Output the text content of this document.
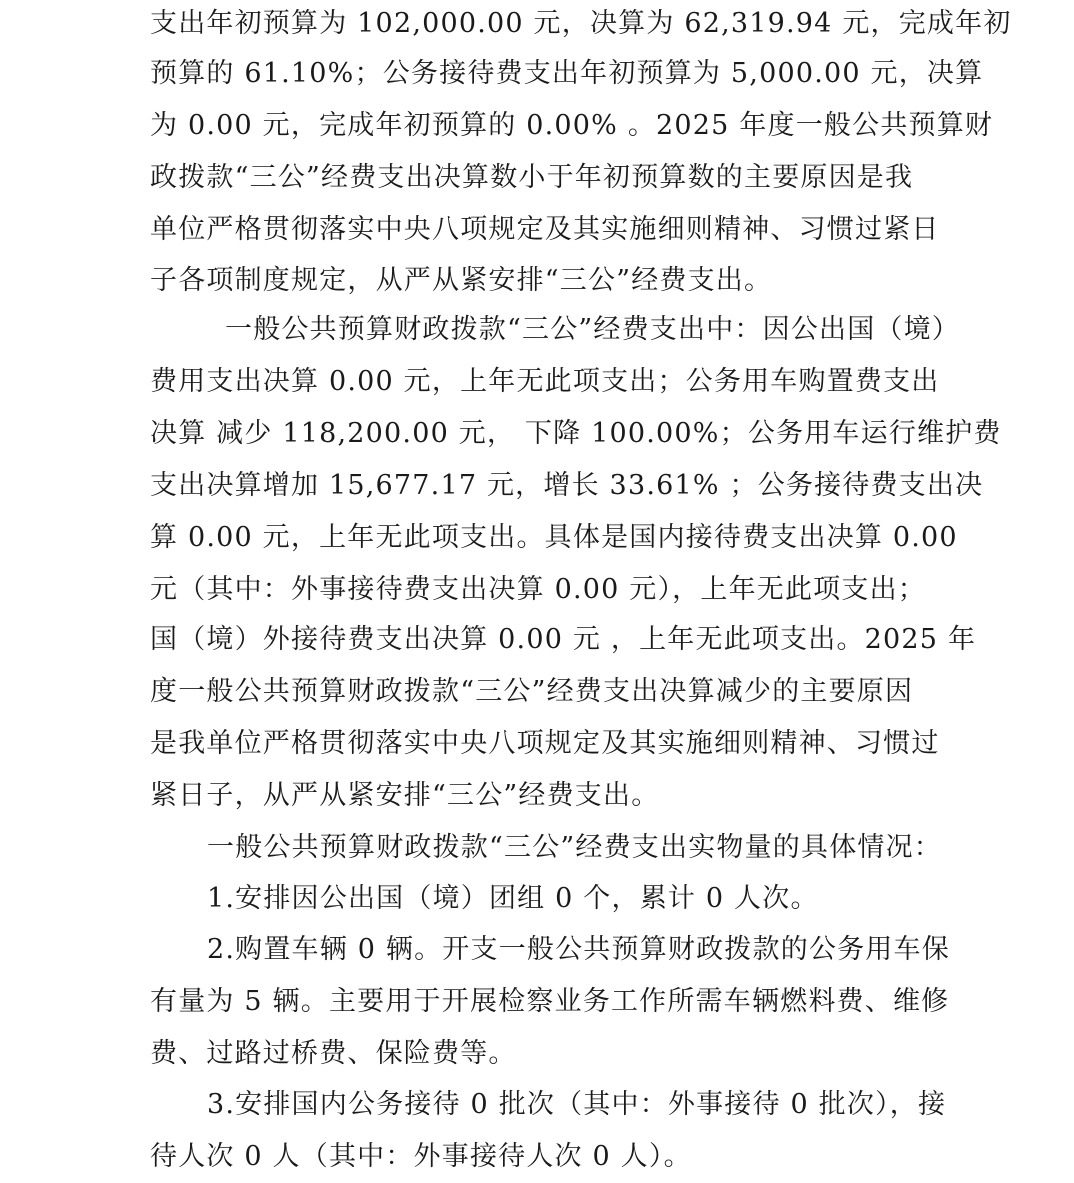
支出年初预算为 102,000.00 元，决算为 62,319.94 元，完成年初
预算的 61.10%；公务接待费支出年初预算为 5,000.00 元，决算
为 0.00 元，完成年初预算的 0.00% 。2025 年度一般公共预算财
政拨款“三公”经费支出决算数小于年初预算数的主要原因是我
单位严格贯彻落实中央八项规定及其实施细则精神、习惯过紧日
子各项制度规定，从严从紧安排“三公”经费支出。
一般公共预算财政拨款“三公”经费支出中：因公出国（境）
费用支出决算 0.00 元，上年无此项支出；公务用车购置费支出
决算 减少 118,200.00 元， 下降 100.00%；公务用车运行维护费
支出决算增加 15,677.17 元，增长 33.61% ；公务接待费支出决
算 0.00 元，上年无此项支出。具体是国内接待费支出决算 0.00
元（其中：外事接待费支出决算 0.00 元），上年无此项支出；
国（境）外接待费支出决算 0.00 元 ，上年无此项支出。2025 年
度一般公共预算财政拨款“三公”经费支出决算减少的主要原因
是我单位严格贯彻落实中央八项规定及其实施细则精神、习惯过
紧日子，从严从紧安排“三公”经费支出。
一般公共预算财政拨款“三公”经费支出实物量的具体情况：
1.安排因公出国（境）团组 0 个，累计 0 人次。
2.购置车辆 0 辆。开支一般公共预算财政拨款的公务用车保
有量为 5 辆。主要用于开展检察业务工作所需车辆燃料费、维修
费、过路过桥费、保险费等。
3.安排国内公务接待 0 批次（其中：外事接待 0 批次），接
待人次 0 人（其中：外事接待人次 0 人）。
